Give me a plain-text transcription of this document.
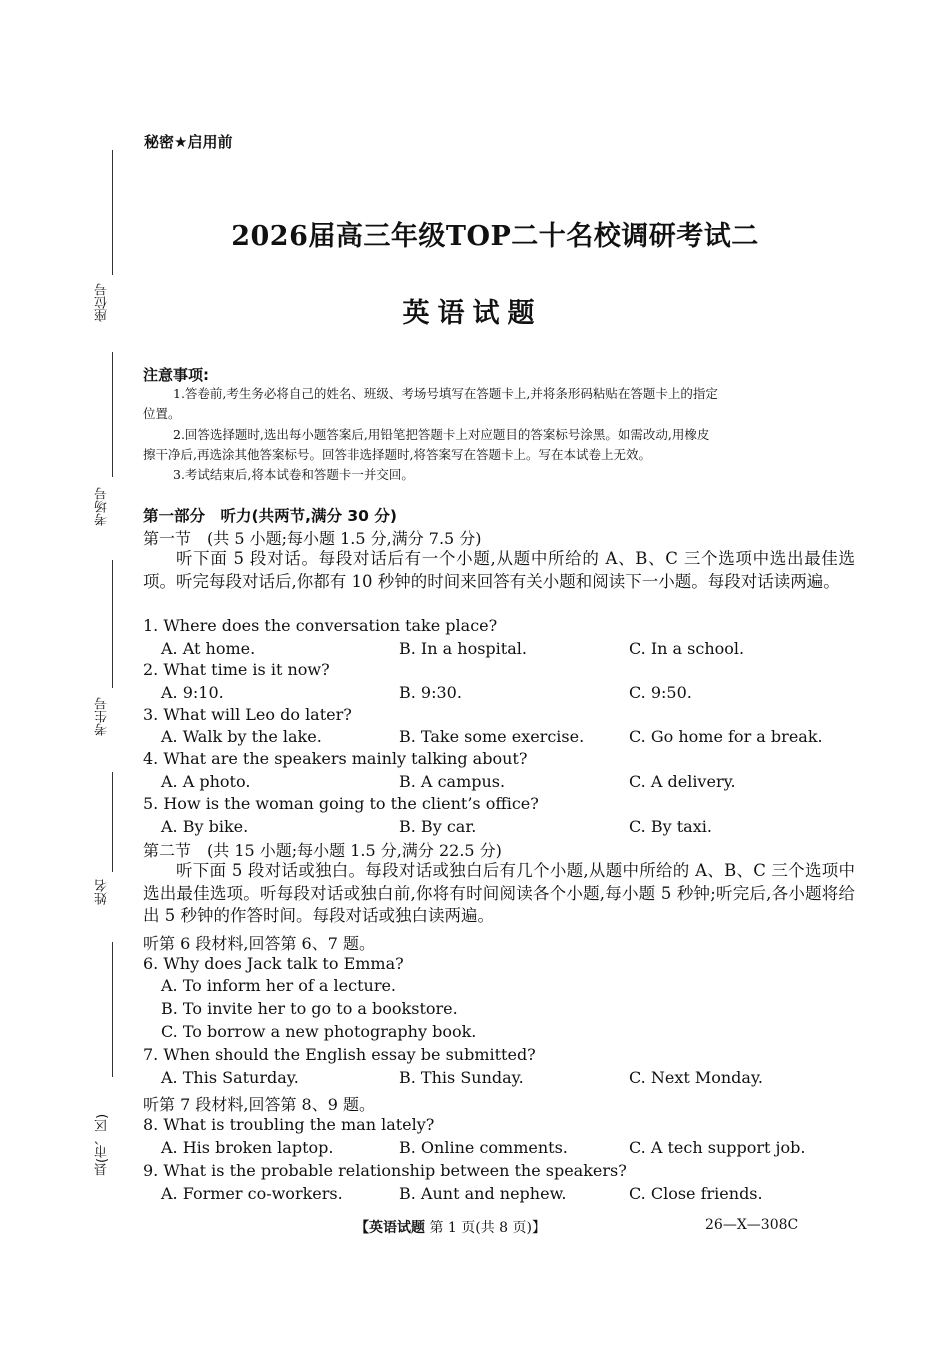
座位号
考场号
考生号
姓名
县(市、区)
秘密★启用前
2026届高三年级TOP二十名校调研考试二
英语试题
注意事项:
1.答卷前,考生务必将自己的姓名、班级、考场号填写在答题卡上,并将条形码粘贴在答题卡上的指定
位置。
2.回答选择题时,选出每小题答案后,用铅笔把答题卡上对应题目的答案标号涂黑。如需改动,用橡皮
擦干净后,再选涂其他答案标号。回答非选择题时,将答案写在答题卡上。写在本试卷上无效。
3.考试结束后,将本试卷和答题卡一并交回。
第一部分　听力(共两节,满分 30 分)
第一节　(共 5 小题;每小题 1.5 分,满分 7.5 分)
听下面 5 段对话。每段对话后有一个小题,从题中所给的 A、B、C 三个选项中选出最佳选项。听完每段对话后,你都有 10 秒钟的时间来回答有关小题和阅读下一小题。每段对话读两遍。
1. Where does the conversation take place?
A. At home.	B. In a hospital.	C. In a school.
2. What time is it now?
A. 9:10.	B. 9:30.	C. 9:50.
3. What will Leo do later?
A. Walk by the lake.	B. Take some exercise.	C. Go home for a break.
4. What are the speakers mainly talking about?
A. A photo.	B. A campus.	C. A delivery.
5. How is the woman going to the client’s office?
A. By bike.	B. By car.	C. By taxi.
第二节　(共 15 小题;每小题 1.5 分,满分 22.5 分)
听下面 5 段对话或独白。每段对话或独白后有几个小题,从题中所给的 A、B、C 三个选项中选出最佳选项。听每段对话或独白前,你将有时间阅读各个小题,每小题 5 秒钟;听完后,各小题将给出 5 秒钟的作答时间。每段对话或独白读两遍。
听第 6 段材料,回答第 6、7 题。
6. Why does Jack talk to Emma?
A. To inform her of a lecture.
B. To invite her to go to a bookstore.
C. To borrow a new photography book.
7. When should the English essay be submitted?
A. This Saturday.	B. This Sunday.	C. Next Monday.
听第 7 段材料,回答第 8、9 题。
8. What is troubling the man lately?
A. His broken laptop.	B. Online comments.	C. A tech support job.
9. What is the probable relationship between the speakers?
A. Former co-workers.	B. Aunt and nephew.	C. Close friends.
【英语试题 第 1 页(共 8 页)】	26—X—308C
